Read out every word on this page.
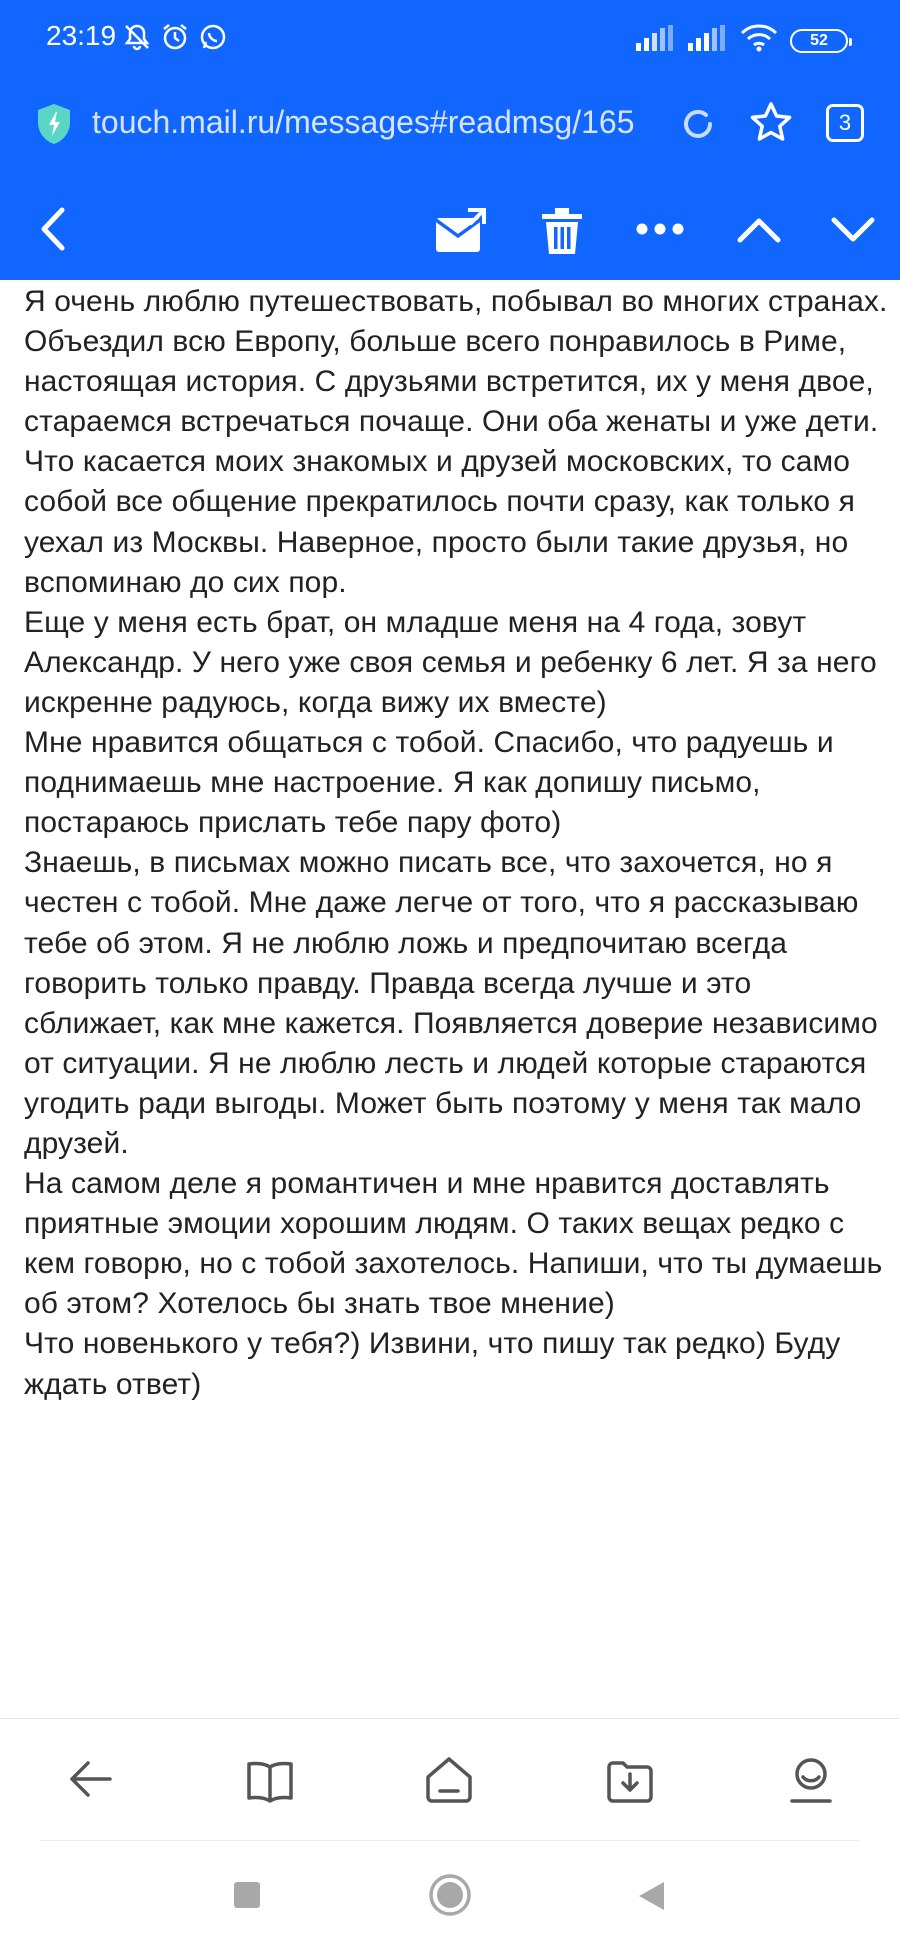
23:19	52
touch.mail.ru/messages#readmsg/165	3

Я очень люблю путешествовать, побывал во многих странах. Объездил всю Европу, больше всего понравилось в Риме, настоящая история. С друзьями встретится, их у меня двое, стараемся встречаться почаще. Они оба женаты и уже дети. Что касается моих знакомых и друзей московских, то само собой все общение прекратилось почти сразу, как только я уехал из Москвы. Наверное, просто были такие друзья, но вспоминаю до сих пор.

Еще у меня есть брат, он младше меня на 4 года, зовут Александр. У него уже своя семья и ребенку 6 лет. Я за него искренне радуюсь, когда вижу их вместе)

Мне нравится общаться с тобой. Спасибо, что радуешь и поднимаешь мне настроение. Я как допишу письмо, постараюсь прислать тебе пару фото)

Знаешь, в письмах можно писать все, что захочется, но я честен с тобой. Мне даже легче от того, что я рассказываю тебе об этом. Я не люблю ложь и предпочитаю всегда говорить только правду. Правда всегда лучше и это сближает, как мне кажется. Появляется доверие независимо от ситуации. Я не люблю лесть и людей которые стараются угодить ради выгоды. Может быть поэтому у меня так мало друзей.

На самом деле я романтичен и мне нравится доставлять приятные эмоции хорошим людям. О таких вещах редко с кем говорю, но с тобой захотелось. Напиши, что ты думаешь об этом? Хотелось бы знать твое мнение)

Что новенького у тебя?) Извини, что пишу так редко) Буду ждать ответ)
